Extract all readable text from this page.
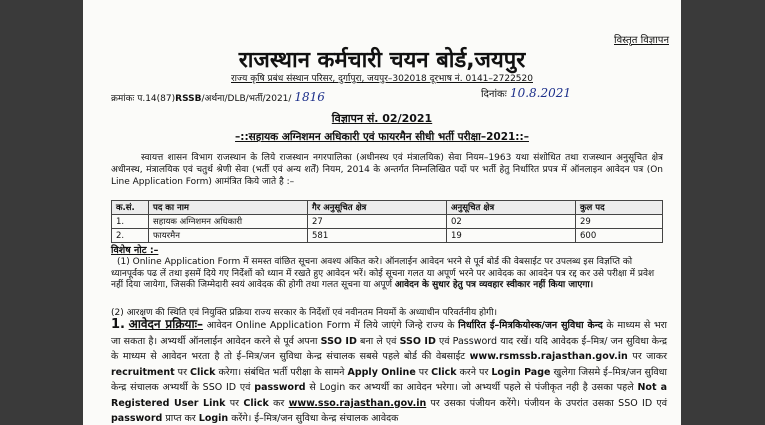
विस्तृत विज्ञापन
राजस्थान कर्मचारी चयन बोर्ड,जयपुर
राज्य कृषि प्रबंध संस्थान परिसर, दुर्गापुरा, जयपुर–302018 दूरभाष नं. 0141–2722520
क्रमांकः प.14(87)RSSB/अर्थना/DLB/भर्ती/2021/ 1816	दिनांकः 10.8.2021
विज्ञापन सं. 02/2021
–::सहायक अग्निशमन अधिकारी एवं फायरमैन सीधी भर्ती परीक्षा–2021::–
स्वायत्त शासन विभाग राजस्थान के लिये राजस्थान नगरपालिका (अधीनस्थ एवं मंत्रालयिक) सेवा नियम–1963 यथा संशोधित तथा राजस्थान अनुसूचित क्षेत्र अधीनस्थ, मंत्रालयिक एवं चतुर्थ श्रेणी सेवा (भर्ती एवं अन्य शर्तें) नियम, 2014 के अन्तर्गत निम्नलिखित पदों पर भर्ती हेतु निर्धारित प्रपत्र में ऑनलाइन आवेदन पत्र (On Line Application Form) आमंत्रित किये जाते है :–
क.सं.	पद का नाम	गैर अनुसूचित क्षेत्र	अनुसूचित क्षेत्र	कुल पद
1.	सहायक अग्निशमन अधिकारी	27	02	29
2.	फायरमैन	581	19	600
विशेष नोट :–
(1) Online Application Form में समस्त वांछित सूचना अवश्य अंकित करे। ऑनलाईन आवेदन भरने से पूर्व बोर्ड की वेबसाईट पर उपलब्ध इस विज्ञप्ति को ध्यानपूर्वक पढ लें तथा इसमें दिये गए निर्देशों को ध्यान में रखते हुए आवेदन भरें। कोई सूचना गलत या अपूर्ण भरने पर आवेदक का आवदेन पत्र रद्द कर उसे परीक्षा में प्रवेश नहीं दिया जायेगा, जिसकी जिम्मेदारी स्वयं आवेदक की होगी तथा गलत सूचना या अपूर्ण आवेदन के सुधार हेतु पत्र व्यवहार स्वीकार नहीं किया जाएगा।
(2) आरक्षण की स्थिति एवं नियुक्ति प्रक्रिया राज्य सरकार के निर्देशों एवं नवीनतम नियमों के अध्याधीन परिवर्तनीय होगी।
1. आवेदन प्रक्रियाः– आवेदन Online Application Form में लिये जाएंगे जिन्हे राज्य के निर्धारित ई–मित्रकियोस्क/जन सुविधा केन्द के माध्यम से भरा जा सकता है। अभ्यर्थी ऑनलाईन आवेदन करने से पूर्व अपना SSO ID बना ले एवं SSO ID एवं Password याद रखें। यदि आवेदक ई–मित्र/ जन सुविधा केन्द्र के माध्यम से आवेदन भरता है तो ई–मित्र/जन सुविधा केन्द्र संचालक सबसे पहले बोर्ड की वेबसाईट www.rsmssb.rajasthan.gov.in पर जाकर recruitment पर Click करेगा। संबंधित भर्ती परीक्षा के सामने Apply Online पर Click करने पर Login Page खुलेगा जिसमे ई–मित्र/जन सुविधा केन्द्र संचालक अभ्यर्थी के SSO ID एवं password से Login कर अभ्यर्थी का आवेदन भरेगा। जो अभ्यर्थी पहले से पंजीकृत नही है उसका पहले Not a Registered User Link पर Click कर www.sso.rajasthan.gov.in पर उसका पंजीयन करेंगे। पंजीयन के उपरांत उसका SSO ID एवं password प्राप्त कर Login करेंगे। ई–मित्र/जन सुविधा केन्द्र संचालक आवेदक
